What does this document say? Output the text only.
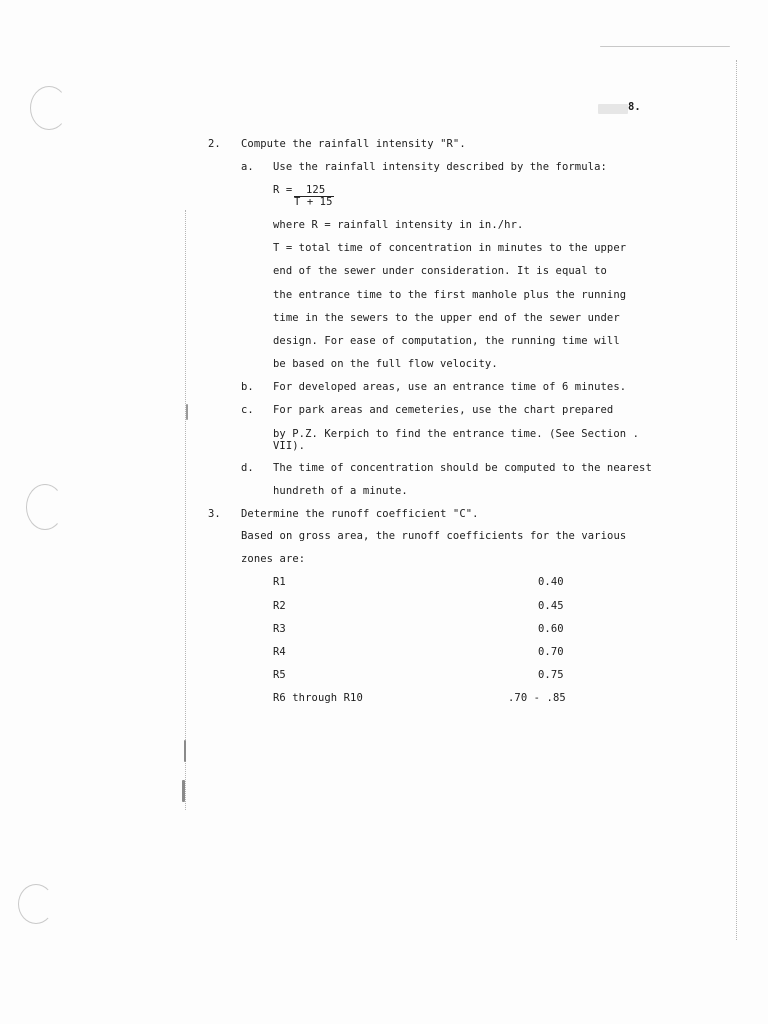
8.
2. Compute the rainfall intensity "R".
a. Use the rainfall intensity described by the formula:
R = 125
T + 15
where R = rainfall intensity in in./hr.
T = total time of concentration in minutes to the upper
end of the sewer under consideration. It is equal to
the entrance time to the first manhole plus the running
time in the sewers to the upper end of the sewer under
design. For ease of computation, the running time will
be based on the full flow velocity.
b. For developed areas, use an entrance time of 6 minutes.
c. For park areas and cemeteries, use the chart prepared
by P.Z. Kerpich to find the entrance time. (See Section .
VII).
d. The time of concentration should be computed to the nearest
hundreth of a minute.
3. Determine the runoff coefficient "C".
Based on gross area, the runoff coefficients for the various
zones are:
R1	0.40
R2	0.45
R3	0.60
R4	0.70
R5	0.75
R6 through R10	.70 - .85
